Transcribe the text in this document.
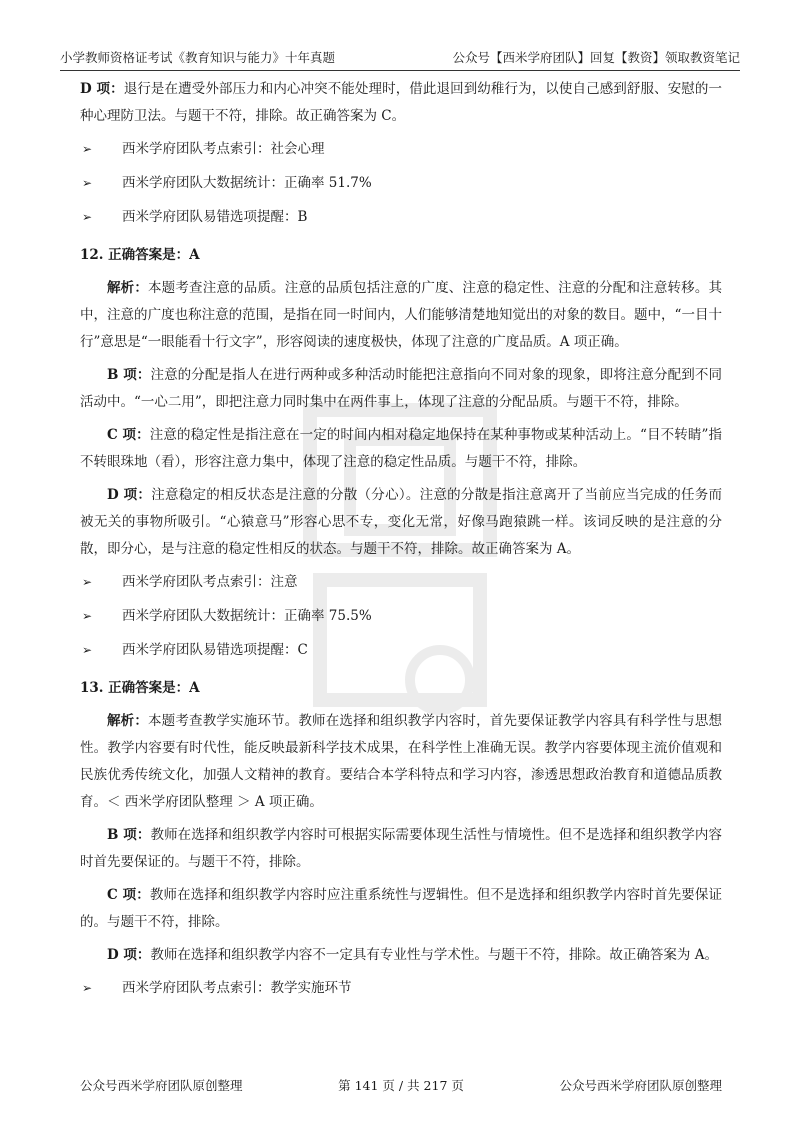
小学教师资格证考试《教育知识与能力》十年真题	公众号【西米学府团队】回复【教资】领取教资笔记

D 项：退行是在遭受外部压力和内心冲突不能处理时，借此退回到幼稚行为，以使自己感到舒服、安慰的一种心理防卫法。与题干不符，排除。故正确答案为 C。

➢	西米学府团队考点索引：社会心理
➢	西米学府团队大数据统计：正确率 51.7%
➢	西米学府团队易错选项提醒：B
12. 正确答案是：A

解析：本题考查注意的品质。注意的品质包括注意的广度、注意的稳定性、注意的分配和注意转移。其中，注意的广度也称注意的范围，是指在同一时间内，人们能够清楚地知觉出的对象的数目。题中，“一目十行”意思是“一眼能看十行文字”，形容阅读的速度极快，体现了注意的广度品质。A 项正确。

B 项：注意的分配是指人在进行两种或多种活动时能把注意指向不同对象的现象，即将注意分配到不同活动中。“一心二用”，即把注意力同时集中在两件事上，体现了注意的分配品质。与题干不符，排除。

C 项：注意的稳定性是指注意在一定的时间内相对稳定地保持在某种事物或某种活动上。“目不转睛”指不转眼珠地（看），形容注意力集中，体现了注意的稳定性品质。与题干不符，排除。

D 项：注意稳定的相反状态是注意的分散（分心）。注意的分散是指注意离开了当前应当完成的任务而被无关的事物所吸引。“心猿意马”形容心思不专，变化无常，好像马跑猿跳一样。该词反映的是注意的分散，即分心，是与注意的稳定性相反的状态。与题干不符，排除。故正确答案为 A。

➢	西米学府团队考点索引：注意
➢	西米学府团队大数据统计：正确率 75.5%
➢	西米学府团队易错选项提醒：C
13. 正确答案是：A

解析：本题考查教学实施环节。教师在选择和组织教学内容时，首先要保证教学内容具有科学性与思想性。教学内容要有时代性，能反映最新科学技术成果，在科学性上准确无误。教学内容要体现主流价值观和民族优秀传统文化，加强人文精神的教育。要结合本学科特点和学习内容，渗透思想政治教育和道德品质教育。＜ 西米学府团队整理 ＞ A 项正确。

B 项：教师在选择和组织教学内容时可根据实际需要体现生活性与情境性。但不是选择和组织教学内容时首先要保证的。与题干不符，排除。

C 项：教师在选择和组织教学内容时应注重系统性与逻辑性。但不是选择和组织教学内容时首先要保证的。与题干不符，排除。

D 项：教师在选择和组织教学内容不一定具有专业性与学术性。与题干不符，排除。故正确答案为 A。

➢	西米学府团队考点索引：教学实施环节
公众号西米学府团队原创整理	第 141 页 / 共 217 页	公众号西米学府团队原创整理
